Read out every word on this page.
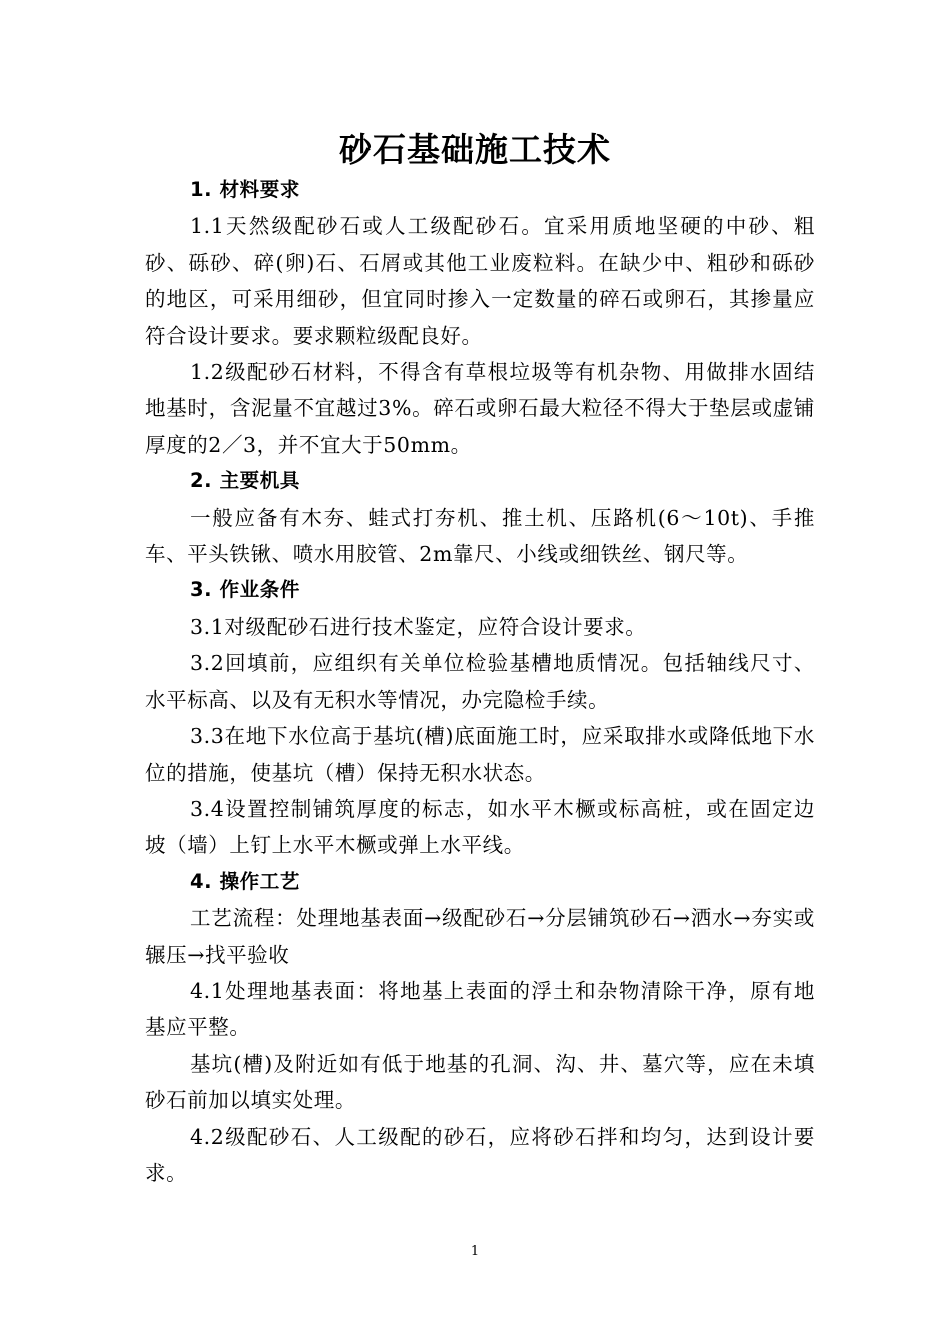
砂石基础施工技术
1. 材料要求

1.1天然级配砂石或人工级配砂石。宜采用质地坚硬的中砂、粗砂、砾砂、碎(卵)石、石屑或其他工业废粒料。在缺少中、粗砂和砾砂的地区，可采用细砂，但宜同时掺入一定数量的碎石或卵石，其掺量应符合设计要求。要求颗粒级配良好。

1.2级配砂石材料，不得含有草根垃圾等有机杂物、用做排水固结地基时，含泥量不宜越过3%。碎石或卵石最大粒径不得大于垫层或虚铺厚度的2／3，并不宜大于50mm。

2. 主要机具

一般应备有木夯、蛙式打夯机、推土机、压路机(6～10t)、手推车、平头铁锹、喷水用胶管、2m靠尺、小线或细铁丝、钢尺等。

3. 作业条件

3.1对级配砂石进行技术鉴定，应符合设计要求。

3.2回填前，应组织有关单位检验基槽地质情况。包括轴线尺寸、水平标高、以及有无积水等情况，办完隐检手续。

3.3在地下水位高于基坑(槽)底面施工时，应采取排水或降低地下水位的措施，使基坑（槽）保持无积水状态。

3.4设置控制铺筑厚度的标志，如水平木橛或标高桩，或在固定边坡（墙）上钉上水平木橛或弹上水平线。

4. 操作工艺

工艺流程：处理地基表面→级配砂石→分层铺筑砂石→洒水→夯实或辗压→找平验收

4.1处理地基表面：将地基上表面的浮土和杂物清除干净，原有地基应平整。

基坑(槽)及附近如有低于地基的孔洞、沟、井、墓穴等，应在未填砂石前加以填实处理。

4.2级配砂石、人工级配的砂石，应将砂石拌和均匀，达到设计要求。

1
